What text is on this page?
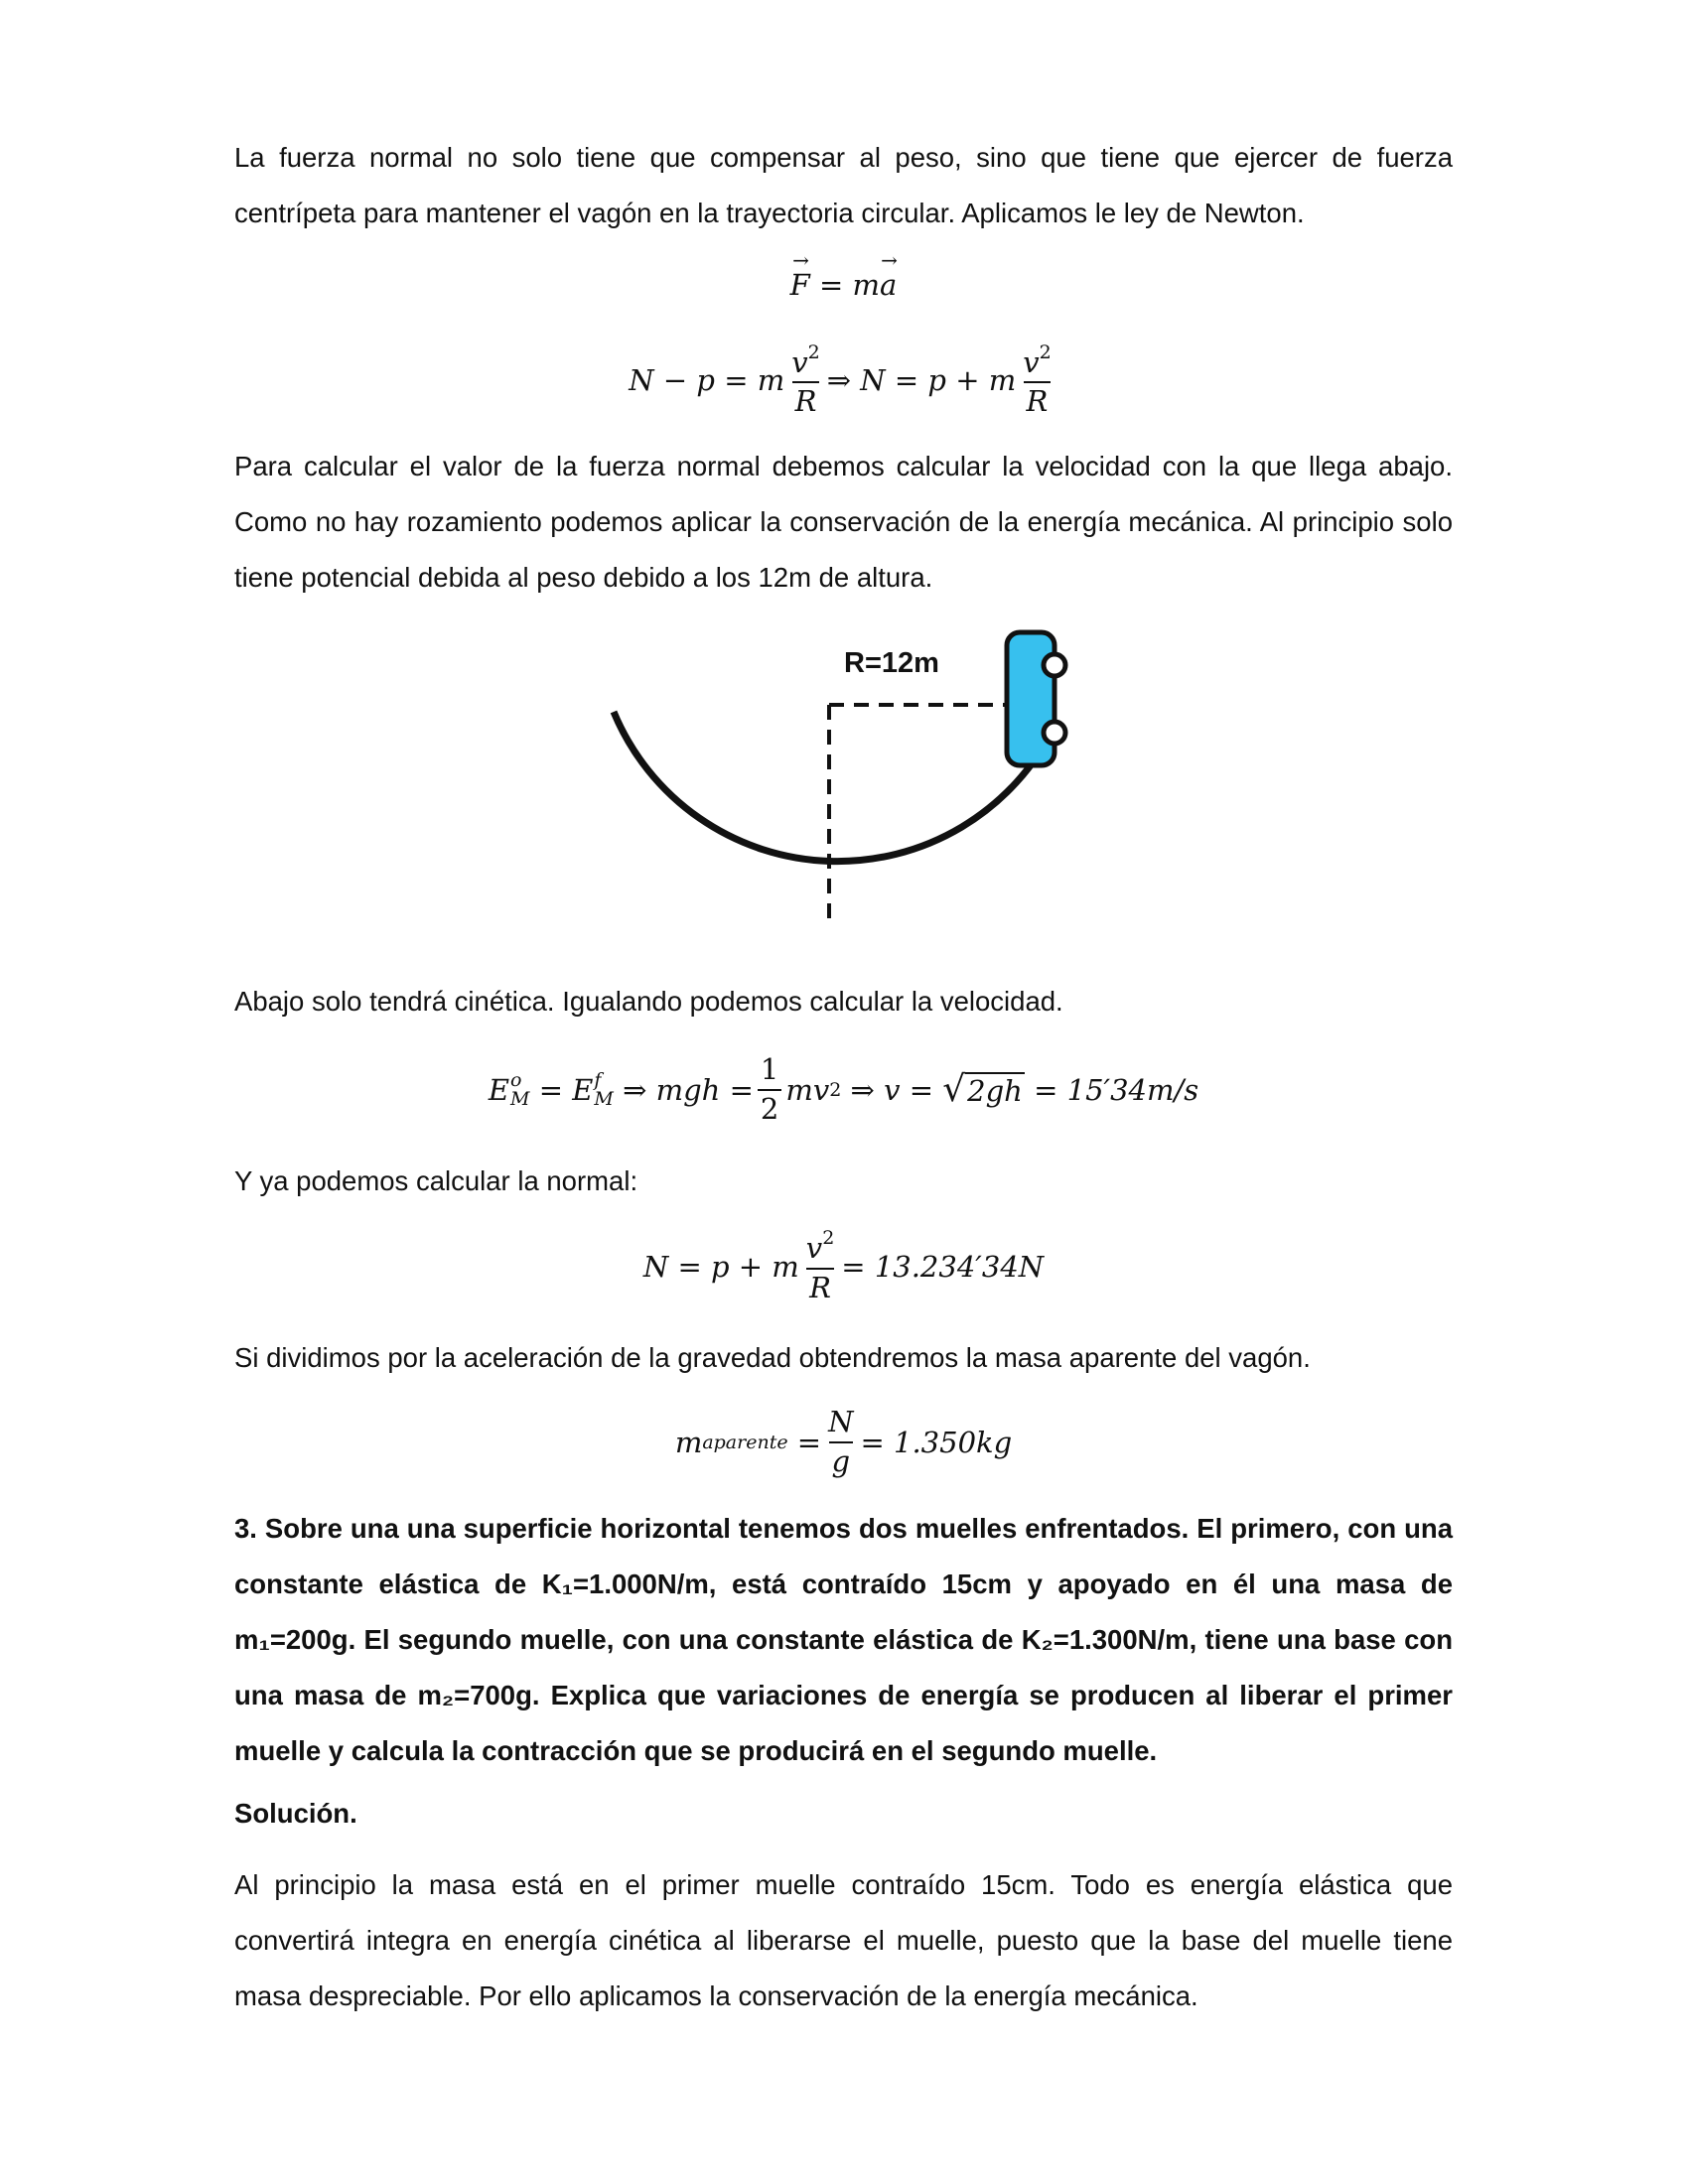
La fuerza normal no solo tiene que compensar al peso, sino que tiene que ejercer de fuerza centrípeta para mantener el vagón en la trayectoria circular. Aplicamos le ley de Newton.

→ F
= m
→ a
N − p = m $\frac{v^2}{R}$ ⇒ N = p + m $\frac{v^2}{R}$

Para calcular el valor de la fuerza normal debemos calcular la velocidad con la que llega abajo. Como no hay rozamiento podemos aplicar la conservación de la energía mecánica. Al principio solo tiene potencial debida al peso debido a los 12m de altura.

R=12m

Abajo solo tendrá cinética. Igualando podemos calcular la velocidad.

E o
M
= E f
M
⇒ mgh = $\frac{1}{2}$ mv 2
⇒ v =
√ 2gh
=
15′34m/s

Y ya podemos calcular la normal:

N = p + m $\frac{v^2}{R}$ =
13.234′34N

Si dividimos por la aceleración de la gravedad obtendremos la masa aparente del vagón.

m aparente
= $\frac{N}{g}$ =
1.350kg

3. Sobre una una superficie horizontal tenemos dos muelles enfrentados. El primero, con una constante elástica de K₁=1.000N/m, está contraído 15cm y apoyado en él una masa de m₁=200g. El segundo muelle, con una constante elástica de K₂=1.300N/m, tiene una base con una masa de m₂=700g. Explica que variaciones de energía se producen al liberar el primer muelle y calcula la contracción que se producirá en el segundo muelle.

Solución.

Al principio la masa está en el primer muelle contraído 15cm. Todo es energía elástica que convertirá integra en energía cinética al liberarse el muelle, puesto que la base del muelle tiene masa despreciable. Por ello aplicamos la conservación de la energía mecánica.
